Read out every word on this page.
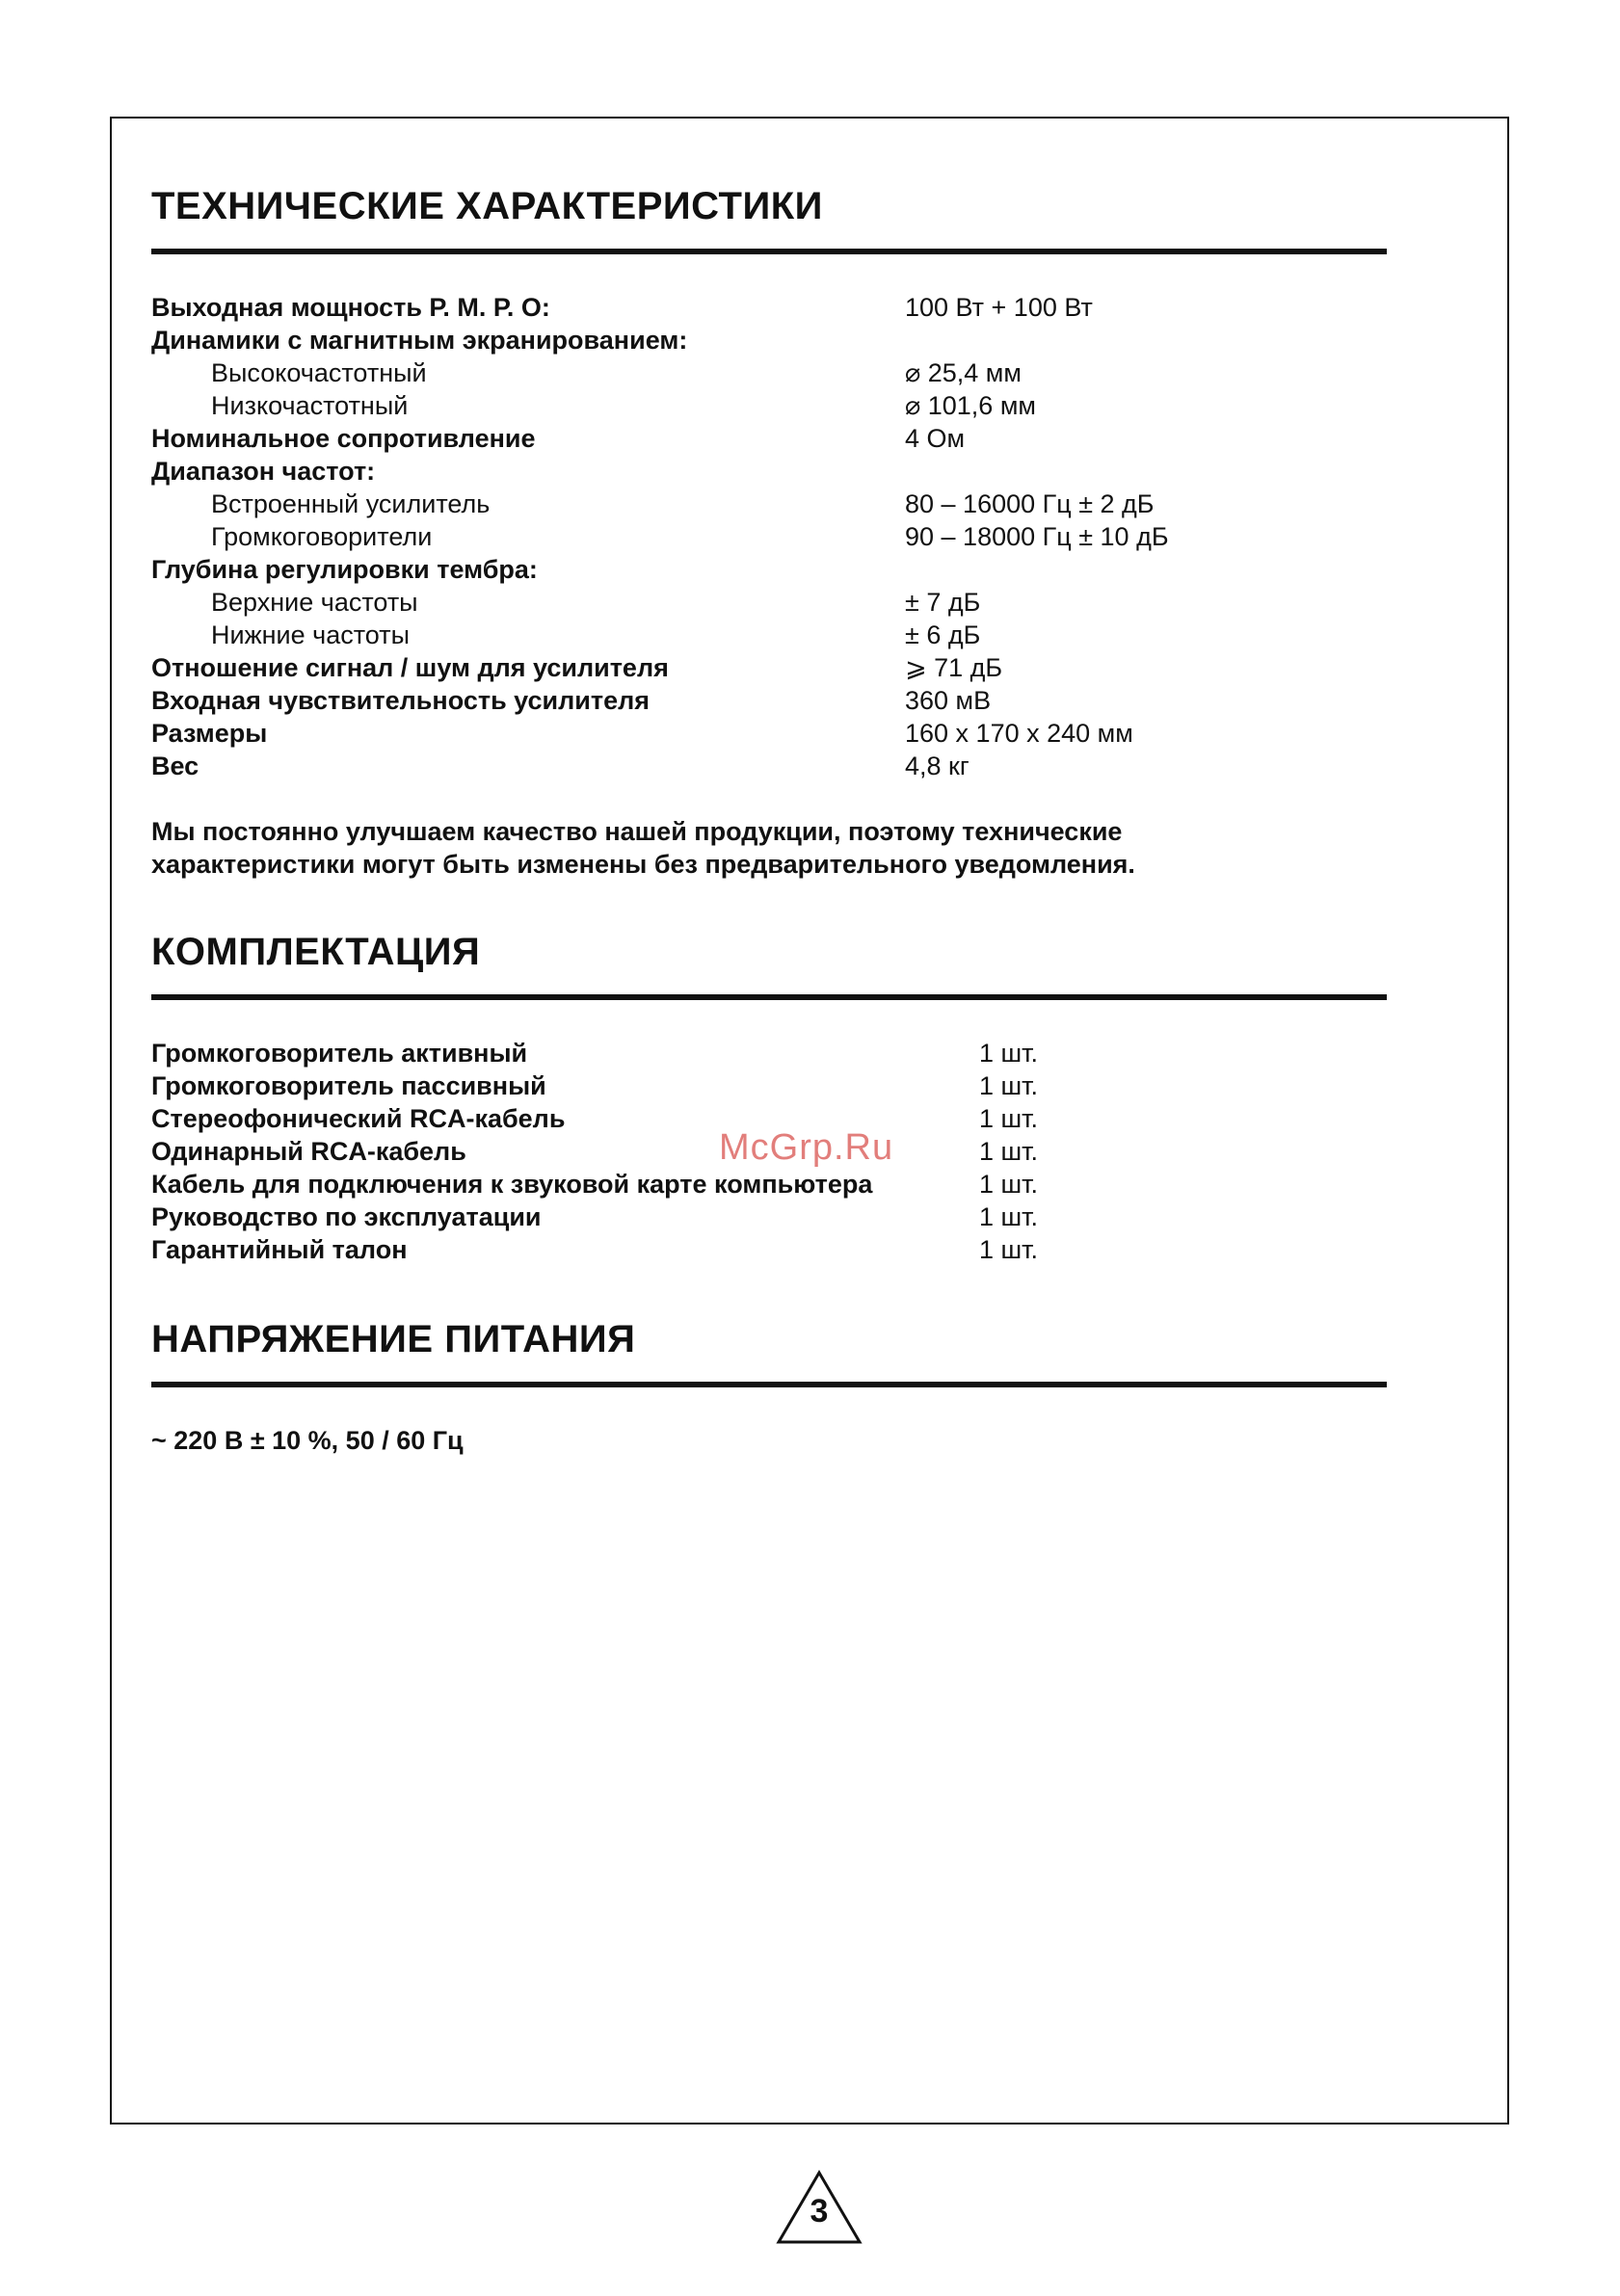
ТЕХНИЧЕСКИЕ ХАРАКТЕРИСТИКИ
Выходная мощность Р. М. Р. О:	100 Вт + 100 Вт
Динамики с магнитным экранированием:	
Высокочастотный	⌀ 25,4 мм
Низкочастотный	⌀ 101,6 мм
Номинальное сопротивление	4 Ом
Диапазон частот:	
Встроенный усилитель	80 – 16000 Гц ± 2 дБ
Громкоговорители	90 – 18000 Гц ± 10 дБ
Глубина регулировки тембра:	
Верхние частоты	± 7 дБ
Нижние частоты	± 6 дБ
Отношение сигнал / шум для усилителя	⩾ 71 дБ
Входная чувствительность усилителя	360 мВ
Размеры	160 x 170 x 240 мм
Вес	4,8 кг
Мы постоянно улучшаем качество нашей продукции, поэтому технические характеристики могут быть изменены без предварительного уведомления.
КОМПЛЕКТАЦИЯ
Громкоговоритель активный	1 шт.
Громкоговоритель пассивный	1 шт.
Стереофонический RCA-кабель	1 шт.
Одинарный RCA-кабель	1 шт.
Кабель для подключения к звуковой карте компьютера	1 шт.
Руководство по эксплуатации	1 шт.
Гарантийный талон	1 шт.
НАПРЯЖЕНИЕ ПИТАНИЯ
~ 220 В ± 10 %, 50 / 60 Гц
McGrp.Ru
3
